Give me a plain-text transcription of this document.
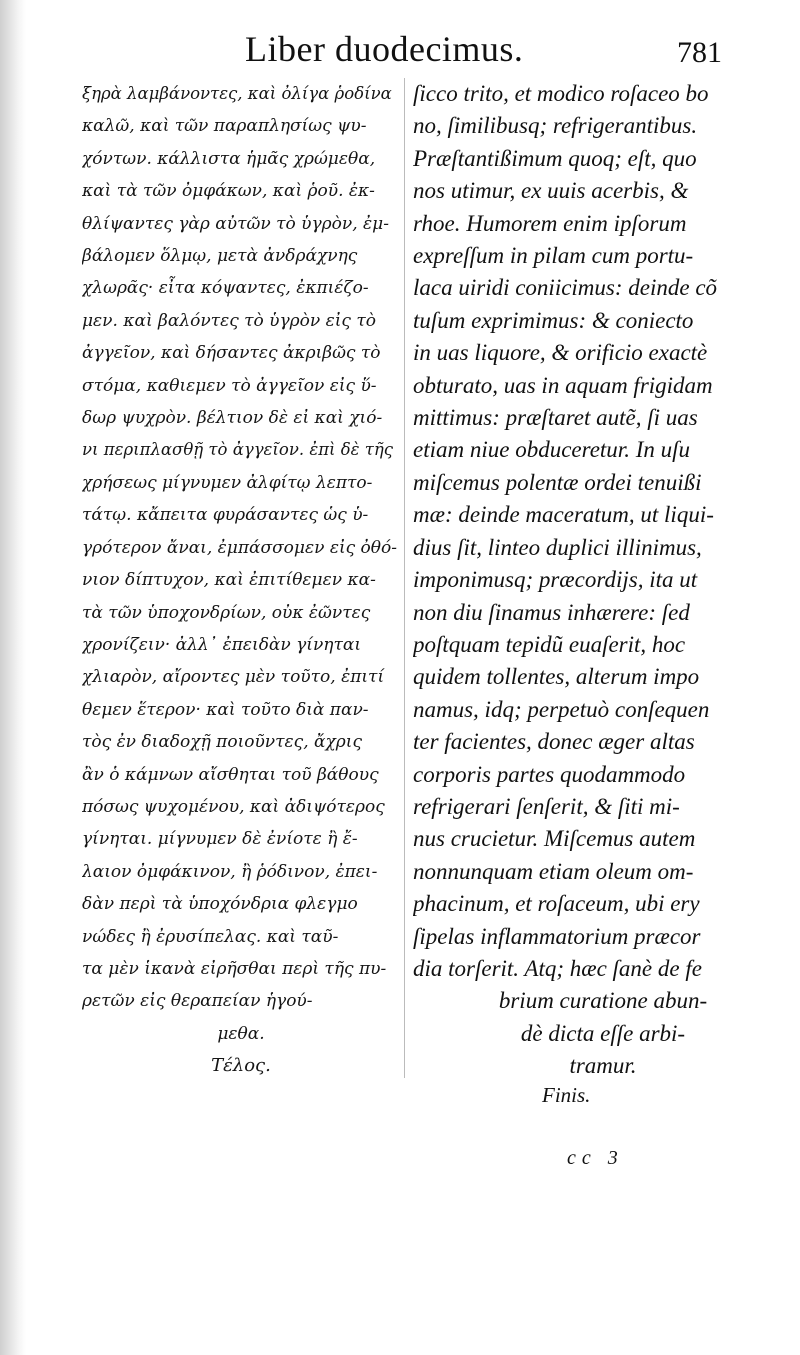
Liber duodecimus.	781
ξηρὰ λαμβάνοντες, καὶ ὀλίγα ῥοδίνα
καλῶ, καὶ τῶν παραπλησίως ψυ-
χόντων. κάλλιστα ἡμᾶς χρώμεθα,
καὶ τὰ τῶν ὀμφάκων, καὶ ῥοῦ. ἐκ-
θλίψαντες γὰρ αὐτῶν τὸ ὑγρὸν, ἐμ-
βάλομεν ὅλμῳ, μετὰ ἀνδράχνης
χλωρᾶς· εἶτα κόψαντες, ἐκπιέζο-
μεν. καὶ βαλόντες τὸ ὑγρὸν εἰς τὸ
ἀγγεῖον, καὶ δήσαντες ἀκριβῶς τὸ
στόμα, καθιεμεν τὸ ἀγγεῖον εἰς ὕ-
δωρ ψυχρὸν. βέλτιον δὲ εἰ καὶ χιό-
νι περιπλασθῇ τὸ ἀγγεῖον. ἐπὶ δὲ τῆς
χρήσεως μίγνυμεν ἀλφίτῳ λεπτο-
τάτῳ. κἄπειτα φυράσαντες ὡς ὑ-
γρότερον ἄναι, ἐμπάσσομεν εἰς ὀθό-
νιον δίπτυχον, καὶ ἐπιτίθεμεν κα-
τὰ τῶν ὑποχονδρίων, οὐκ ἐῶντες
χρονίζειν· ἀλλ᾽ ἐπειδὰν γίνηται
χλιαρὸν, αἴροντες μὲν τοῦτο, ἐπιτί
θεμεν ἕτερον· καὶ τοῦτο διὰ παν-
τὸς ἐν διαδοχῇ ποιοῦντες, ἄχρις
ἂν ὁ κάμνων αἴσθηται τοῦ βάθους
πόσως ψυχομένου, καὶ ἀδιψότερος
γίνηται. μίγνυμεν δὲ ἐνίοτε ἢ ἔ-
λαιον ὀμφάκινον, ἢ ῥόδινον, ἐπει-
δὰν περὶ τὰ ὑποχόνδρια φλεγμο
νώδες ἢ ἐρυσίπελας. καὶ ταῦ-
τα μὲν ἱκανὰ εἰρῆσθαι περὶ τῆς πυ-
ρετῶν εἰς θεραπείαν ἡγού-
μεθα.
Τέλος.
ſicco trito, et modico roſaceo bo
no, ſimilibusq; refrigerantibus.
Præſtantißimum quoq; eſt, quo
nos utimur, ex uuis acerbis, &
rhoe. Humorem enim ipſorum
expreſſum in pilam cum portu-
laca uiridi coniicimus: deinde cõ
tuſum exprimimus: & coniecto
in uas liquore, & orificio exactè
obturato, uas in aquam frigidam
mittimus: præſtaret autẽ, ſi uas
etiam niue obduceretur. In uſu
miſcemus polentæ ordei tenuißi
mæ: deinde maceratum, ut liqui-
dius ſit, linteo duplici illinimus,
imponimusq; præcordijs, ita ut
non diu ſinamus inhærere: ſed
poſtquam tepidũ euaſerit, hoc
quidem tollentes, alterum impo
namus, idq; perpetuò conſequen
ter facientes, donec æger altas
corporis partes quodammodo
refrigerari ſenſerit, & ſiti mi-
nus crucietur. Miſcemus autem
nonnunquam etiam oleum om-
phacinum, et roſaceum, ubi ery
ſipelas inflammatorium præcor
dia torſerit. Atq; hæc ſanè de fe
brium curatione abun-
dè dicta eſſe arbi-
tramur.
Finis.
cc 3
